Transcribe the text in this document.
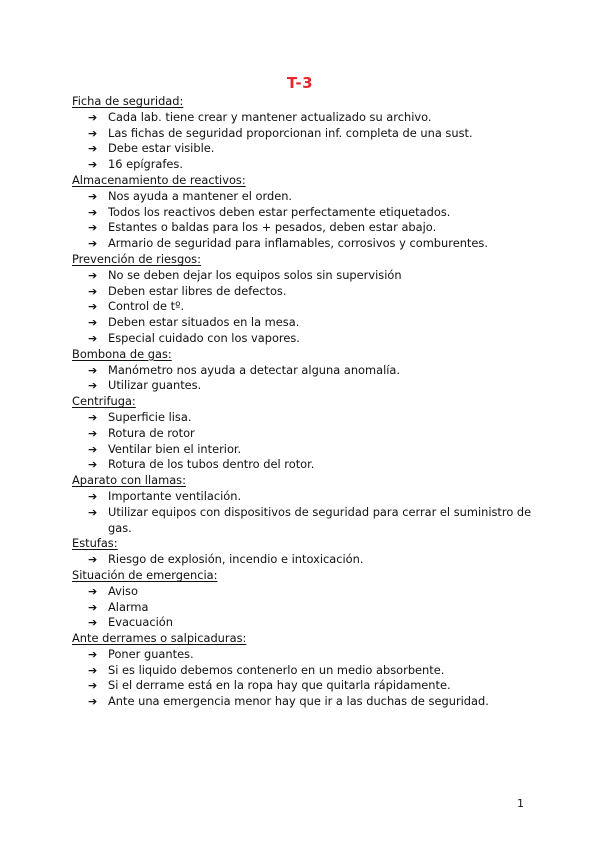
T-3
Ficha de seguridad:
➔ Cada lab. tiene crear y mantener actualizado su archivo.
➔ Las fichas de seguridad proporcionan inf. completa de una sust.
➔ Debe estar visible.
➔ 16 epígrafes.
Almacenamiento de reactivos:
➔ Nos ayuda a mantener el orden.
➔ Todos los reactivos deben estar perfectamente etiquetados.
➔ Estantes o baldas para los + pesados, deben estar abajo.
➔ Armario de seguridad para inflamables, corrosivos y comburentes.
Prevención de riesgos:
➔ No se deben dejar los equipos solos sin supervisión
➔ Deben estar libres de defectos.
➔ Control de tº.
➔ Deben estar situados en la mesa.
➔ Especial cuidado con los vapores.
Bombona de gas:
➔ Manómetro nos ayuda a detectar alguna anomalía.
➔ Utilizar guantes.
Centrifuga:
➔ Superficie lisa.
➔ Rotura de rotor
➔ Ventilar bien el interior.
➔ Rotura de los tubos dentro del rotor.
Aparato con llamas:
➔ Importante ventilación.
➔ Utilizar equipos con dispositivos de seguridad para cerrar el suministro de gas.
Estufas:
➔ Riesgo de explosión, incendio e intoxicación.
Situación de emergencia:
➔ Aviso
➔ Alarma
➔ Evacuación
Ante derrames o salpicaduras:
➔ Poner guantes.
➔ Si es liquido debemos contenerlo en un medio absorbente.
➔ Si el derrame está en la ropa hay que quitarla rápidamente.
➔ Ante una emergencia menor hay que ir a las duchas de seguridad.
1
